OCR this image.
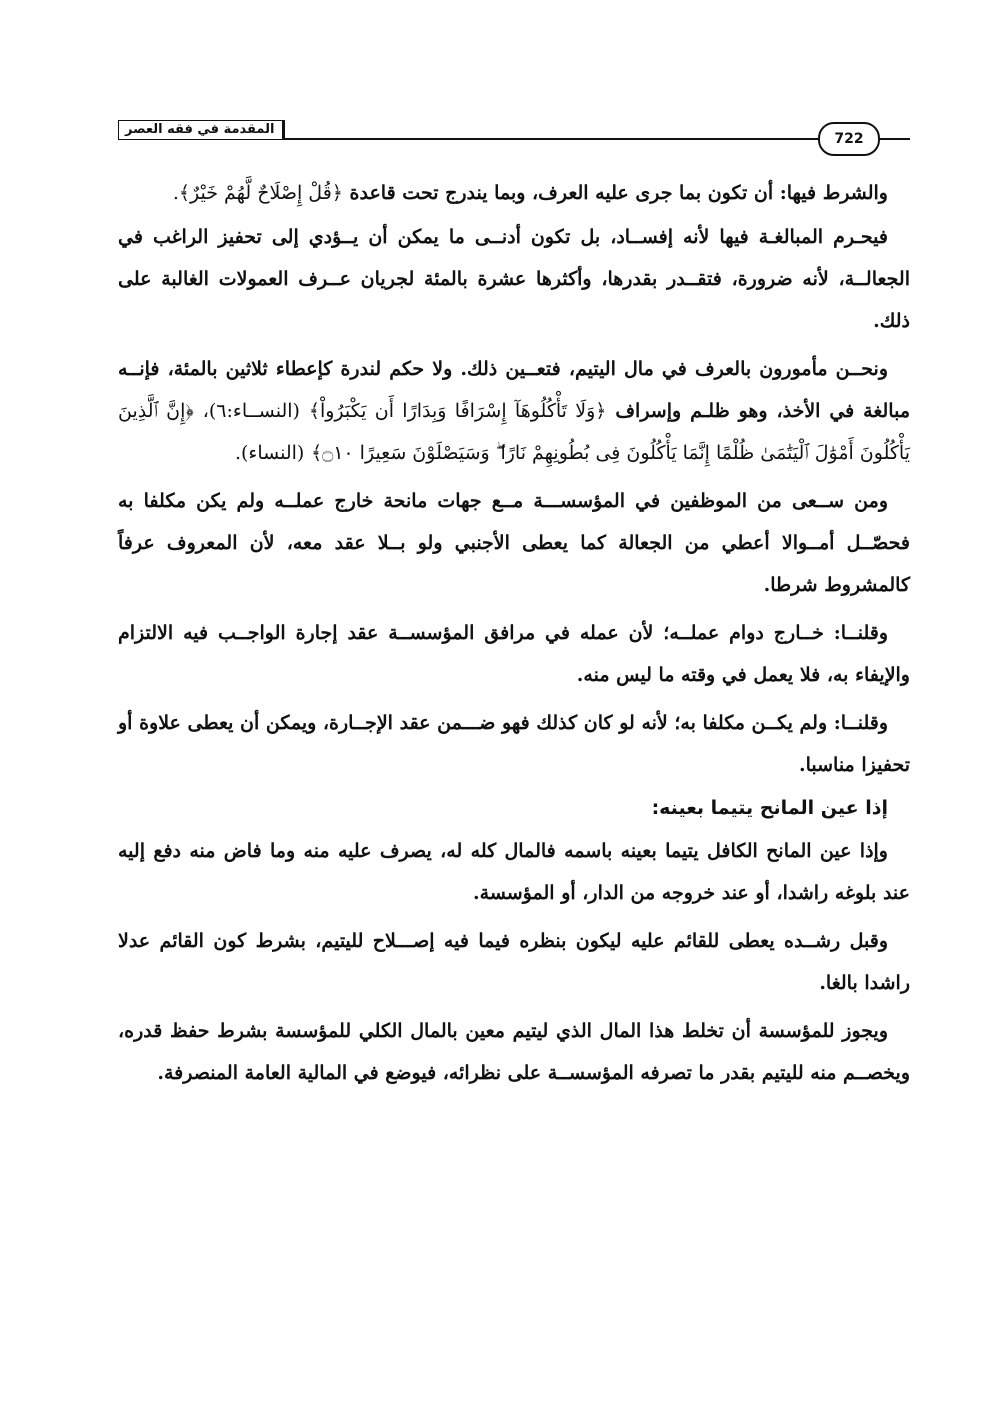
المقدمة في فقه العصر
722

والشرط فيها: أن تكون بما جرى عليه العرف، وبما يندرج تحت قاعدة ﴿قُلْ إِصْلَاحٌ لَّهُمْ خَيْرٌ﴾.

فيحـرم المبالغـة فيها لأنه إفســاد، بل تكون أدنــى ما يمكن أن يــؤدي إلى تحفيز الراغب في الجعالــة، لأنه ضرورة، فتقــدر بقدرها، وأكثرها عشرة بالمئة لجريان عــرف العمولات الغالبة على ذلك.

ونحــن مأمورون بالعرف في مال اليتيم، فتعــين ذلك. ولا حكم لندرة كإعطاء ثلاثين بالمئة، فإنــه مبالغة في الأخذ، وهو ظلـم وإسراف ﴿وَلَا تَأْكُلُوهَآ إِسْرَافًا وَبِدَارًا أَن يَكْبَرُواْ﴾ (النســاء:٦)، ﴿إِنَّ ٱلَّذِينَ يَأْكُلُونَ أَمْوَٰلَ ٱلْيَتَٰمَىٰ ظُلْمًا إِنَّمَا يَأْكُلُونَ فِى بُطُونِهِمْ نَارًا ۖ وَسَيَصْلَوْنَ سَعِيرًا ۝١٠﴾ (النساء).

ومن ســعى من الموظفين في المؤسســـة مــع جهات مانحة خارج عملــه ولم يكن مكلفا به فحصّــل أمــوالا أعطي من الجعالة كما يعطى الأجنبي ولو بــلا عقد معه، لأن المعروف عرفاً كالمشروط شرطا.

وقلنــا: خــارج دوام عملــه؛ لأن عمله في مرافق المؤسســة عقد إجارة الواجــب فيه الالتزام والإيفاء به، فلا يعمل في وقته ما ليس منه.

وقلنــا: ولم يكــن مكلفا به؛ لأنه لو كان كذلك فهو ضـــمن عقد الإجــارة، ويمكن أن يعطى علاوة أو تحفيزا مناسبا.

إذا عين المانح يتيما بعينه:

وإذا عين المانح الكافل يتيما بعينه باسمه فالمال كله له، يصرف عليه منه وما فاض منه دفع إليه عند بلوغه راشدا، أو عند خروجه من الدار، أو المؤسسة.

وقبل رشــده يعطى للقائم عليه ليكون بنظره فيما فيه إصـــلاح لليتيم، بشرط كون القائم عدلا راشدا بالغا.

ويجوز للمؤسسة أن تخلط هذا المال الذي ليتيم معين بالمال الكلي للمؤسسة بشرط حفظ قدره، ويخصــم منه لليتيم بقدر ما تصرفه المؤسســة على نظرائه، فيوضع في المالية العامة المنصرفة.
